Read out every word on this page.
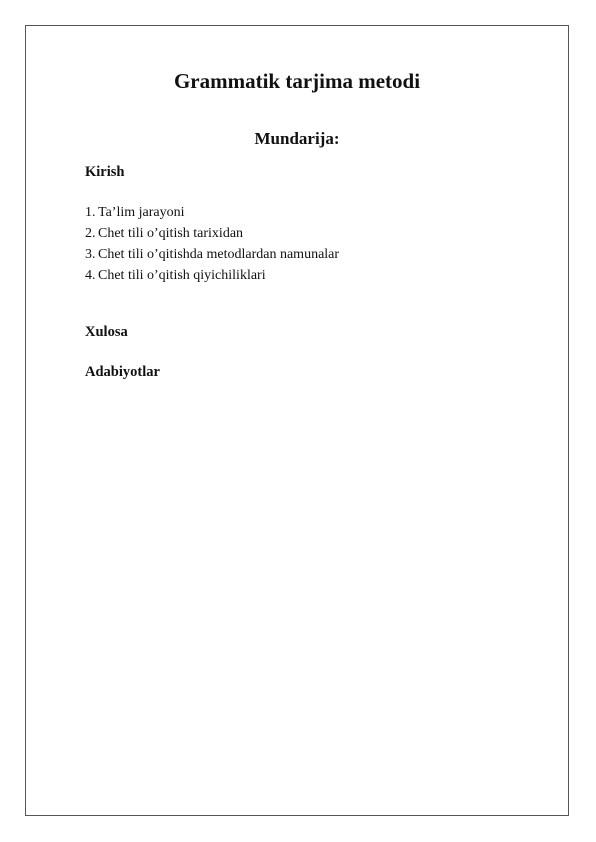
Grammatik tarjima metodi
Mundarija:

Kirish

1. Ta’lim jarayoni
2. Chet tili o’qitish tarixidan
3. Chet tili o’qitishda metodlardan namunalar
4. Chet tili o’qitish qiyichiliklari

Xulosa

Adabiyotlar
